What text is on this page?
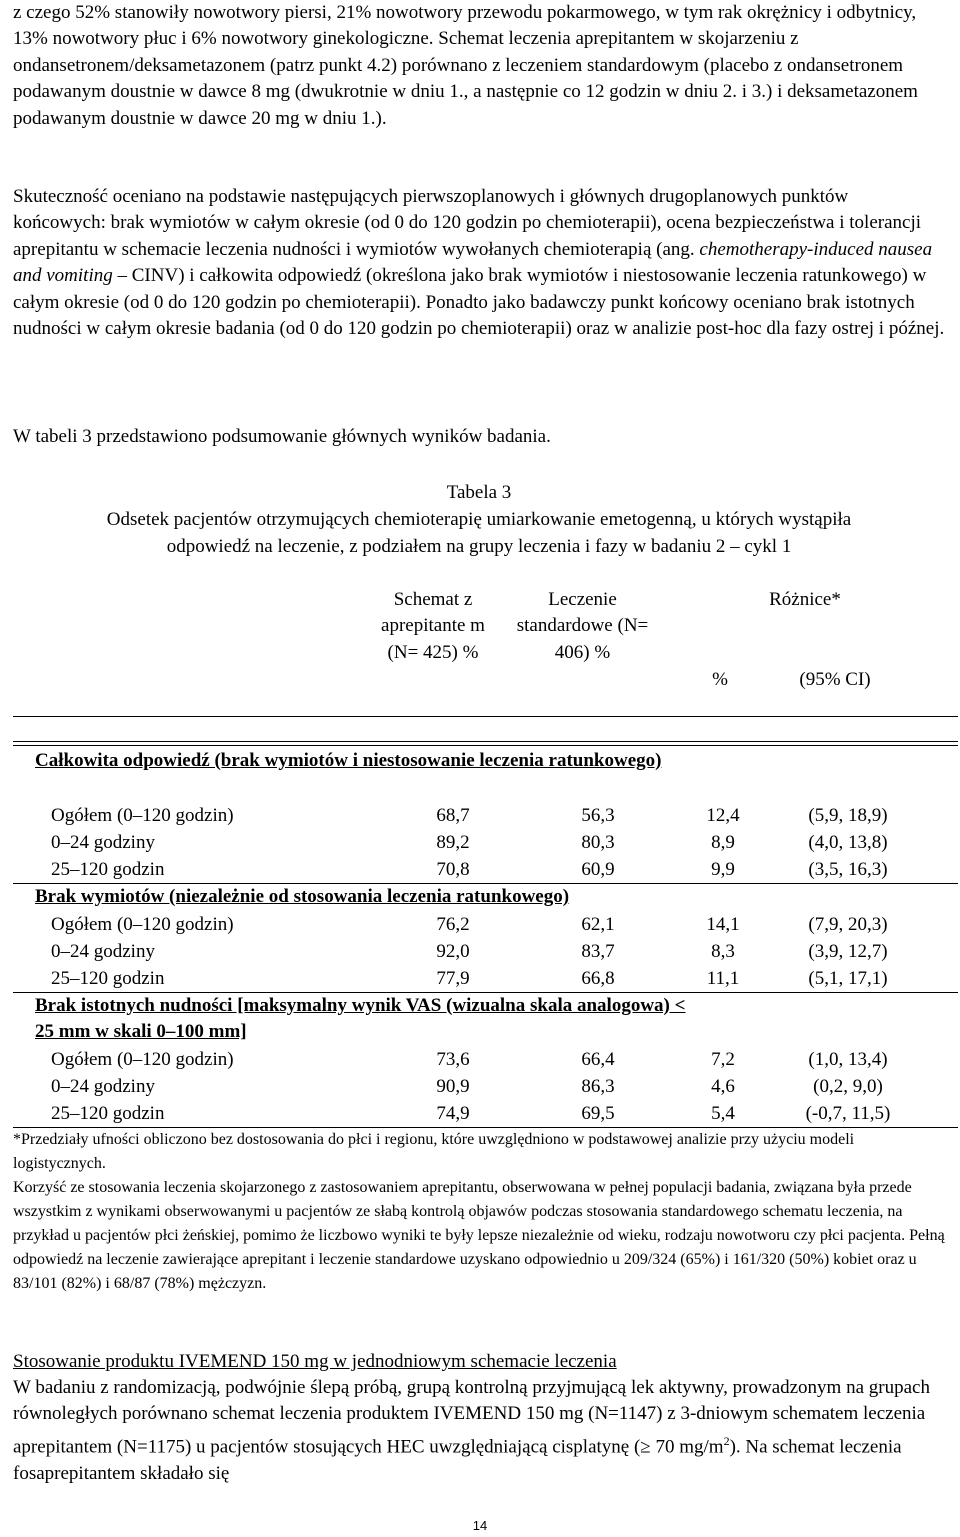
z czego 52% stanowiły nowotwory piersi, 21% nowotwory przewodu pokarmowego, w tym rak okrężnicy i odbytnicy, 13% nowotwory płuc i 6% nowotwory ginekologiczne. Schemat leczenia aprepitantem w skojarzeniu z ondansetronem/deksametazonem (patrz punkt 4.2) porównano z leczeniem standardowym (placebo z ondansetronem podawanym doustnie w dawce 8 mg (dwukrotnie w dniu 1., a następnie co 12 godzin w dniu 2. i 3.) i deksametazonem podawanym doustnie w dawce 20 mg w dniu 1.).

Skuteczność oceniano na podstawie następujących pierwszoplanowych i głównych drugoplanowych punktów końcowych: brak wymiotów w całym okresie (od 0 do 120 godzin po chemioterapii), ocena bezpieczeństwa i tolerancji aprepitantu w schemacie leczenia nudności i wymiotów wywołanych chemioterapią (ang. chemotherapy-induced nausea and vomiting – CINV) i całkowita odpowiedź (określona jako brak wymiotów i niestosowanie leczenia ratunkowego) w całym okresie (od 0 do 120 godzin po chemioterapii). Ponadto jako badawczy punkt końcowy oceniano brak istotnych nudności w całym okresie badania (od 0 do 120 godzin po chemioterapii) oraz w analizie post-hoc dla fazy ostrej i późnej.

W tabeli 3 przedstawiono podsumowanie głównych wyników badania.

Tabela 3
Odsetek pacjentów otrzymujących chemioterapię umiarkowanie emetogenną, u których wystąpiła
odpowiedź na leczenie, z podziałem na grupy leczenia i fazy w badaniu 2 – cykl 1
Schemat z aprepitante m (N= 425) %
Leczenie standardowe (N= 406) %
Różnice*
%	(95% CI)
Całkowita odpowiedź (brak wymiotów i niestosowanie leczenia ratunkowego)
Ogółem (0–120 godzin)	68,7	56,3	12,4	(5,9, 18,9)
0–24 godziny	89,2	80,3	8,9	(4,0, 13,8)
25–120 godzin	70,8	60,9	9,9	(3,5, 16,3)
Brak wymiotów (niezależnie od stosowania leczenia ratunkowego)
Ogółem (0–120 godzin)	76,2	62,1	14,1	(7,9, 20,3)
0–24 godziny	92,0	83,7	8,3	(3,9, 12,7)
25–120 godzin	77,9	66,8	11,1	(5,1, 17,1)
Brak istotnych nudności [maksymalny wynik VAS (wizualna skala analogowa) < 25 mm w skali 0–100 mm]
Ogółem (0–120 godzin)	73,6	66,4	7,2	(1,0, 13,4)
0–24 godziny	90,9	86,3	4,6	(0,2, 9,0)
25–120 godzin	74,9	69,5	5,4	(-0,7, 11,5)
*Przedziały ufności obliczono bez dostosowania do płci i regionu, które uwzględniono w podstawowej analizie przy użyciu modeli logistycznych.
Korzyść ze stosowania leczenia skojarzonego z zastosowaniem aprepitantu, obserwowana w pełnej populacji badania, związana była przede wszystkim z wynikami obserwowanymi u pacjentów ze słabą kontrolą objawów podczas stosowania standardowego schematu leczenia, na przykład u pacjentów płci żeńskiej, pomimo że liczbowo wyniki te były lepsze niezależnie od wieku, rodzaju nowotworu czy płci pacjenta. Pełną odpowiedź na leczenie zawierające aprepitant i leczenie standardowe uzyskano odpowiednio u 209/324 (65%) i 161/320 (50%) kobiet oraz u 83/101 (82%) i 68/87 (78%) mężczyzn.
Stosowanie produktu IVEMEND 150 mg w jednodniowym schemacie leczenia

W badaniu z randomizacją, podwójnie ślepą próbą, grupą kontrolną przyjmującą lek aktywny, prowadzonym na grupach równoległych porównano schemat leczenia produktem IVEMEND 150 mg (N=1147) z 3-dniowym schematem leczenia aprepitantem (N=1175) u pacjentów stosujących HEC uwzględniającą cisplatynę (≥ 70 $mg/m^2$). Na schemat leczenia fosaprepitantem składało się

14
